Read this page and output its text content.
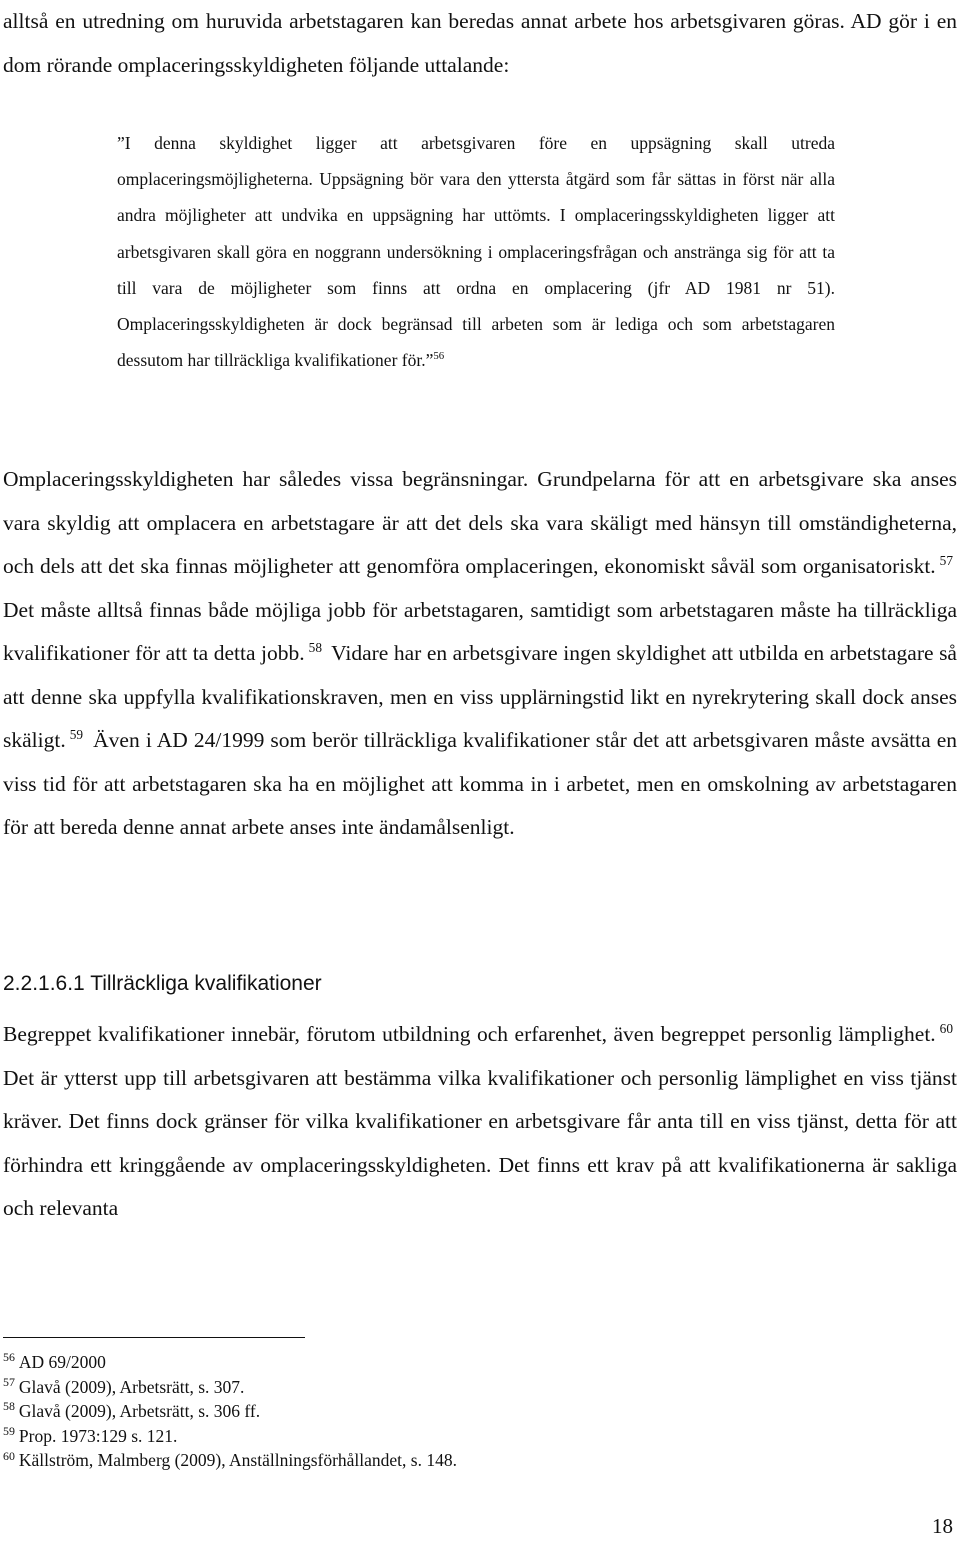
alltså en utredning om huruvida arbetstagaren kan beredas annat arbete hos arbetsgivaren göras. AD gör i en dom rörande omplaceringsskyldigheten följande uttalande:

”I denna skyldighet ligger att arbetsgivaren före en uppsägning skall utreda omplaceringsmöjligheterna. Uppsägning bör vara den yttersta åtgärd som får sättas in först när alla andra möjligheter att undvika en uppsägning har uttömts. I omplaceringsskyldigheten ligger att arbetsgivaren skall göra en noggrann undersökning i omplaceringsfrågan och anstränga sig för att ta till vara de möjligheter som finns att ordna en omplacering (jfr AD 1981 nr 51). Omplaceringsskyldigheten är dock begränsad till arbeten som är lediga och som arbetstagaren dessutom har tillräckliga kvalifikationer för.”$^{56}$

Omplaceringsskyldigheten har således vissa begränsningar. Grundpelarna för att en arbetsgivare ska anses vara skyldig att omplacera en arbetstagare är att det dels ska vara skäligt med hänsyn till omständigheterna, och dels att det ska finnas möjligheter att genomföra omplaceringen, ekonomiskt såväl som organisatoriskt. $^{57}$ Det måste alltså finnas både möjliga jobb för arbetstagaren, samtidigt som arbetstagaren måste ha tillräckliga kvalifikationer för att ta detta jobb. $^{58}$ Vidare har en arbetsgivare ingen skyldighet att utbilda en arbetstagare så att denne ska uppfylla kvalifikationskraven, men en viss upplärningstid likt en nyrekrytering skall dock anses skäligt. $^{59}$ Även i AD 24/1999 som berör tillräckliga kvalifikationer står det att arbetsgivaren måste avsätta en viss tid för att arbetstagaren ska ha en möjlighet att komma in i arbetet, men en omskolning av arbetstagaren för att bereda denne annat arbete anses inte ändamålsenligt.

2.2.1.6.1 Tillräckliga kvalifikationer

Begreppet kvalifikationer innebär, förutom utbildning och erfarenhet, även begreppet personlig lämplighet. $^{60}$ Det är ytterst upp till arbetsgivaren att bestämma vilka kvalifikationer och personlig lämplighet en viss tjänst kräver. Det finns dock gränser för vilka kvalifikationer en arbetsgivare får anta till en viss tjänst, detta för att förhindra ett kringgående av omplaceringsskyldigheten. Det finns ett krav på att kvalifikationerna är sakliga och relevanta

$^{56}$ AD 69/2000
$^{57}$ Glavå (2009), Arbetsrätt, s. 307.
$^{58}$ Glavå (2009), Arbetsrätt, s. 306 ff.
$^{59}$ Prop. 1973:129 s. 121.
$^{60}$ Källström, Malmberg (2009), Anställningsförhållandet, s. 148.
18
